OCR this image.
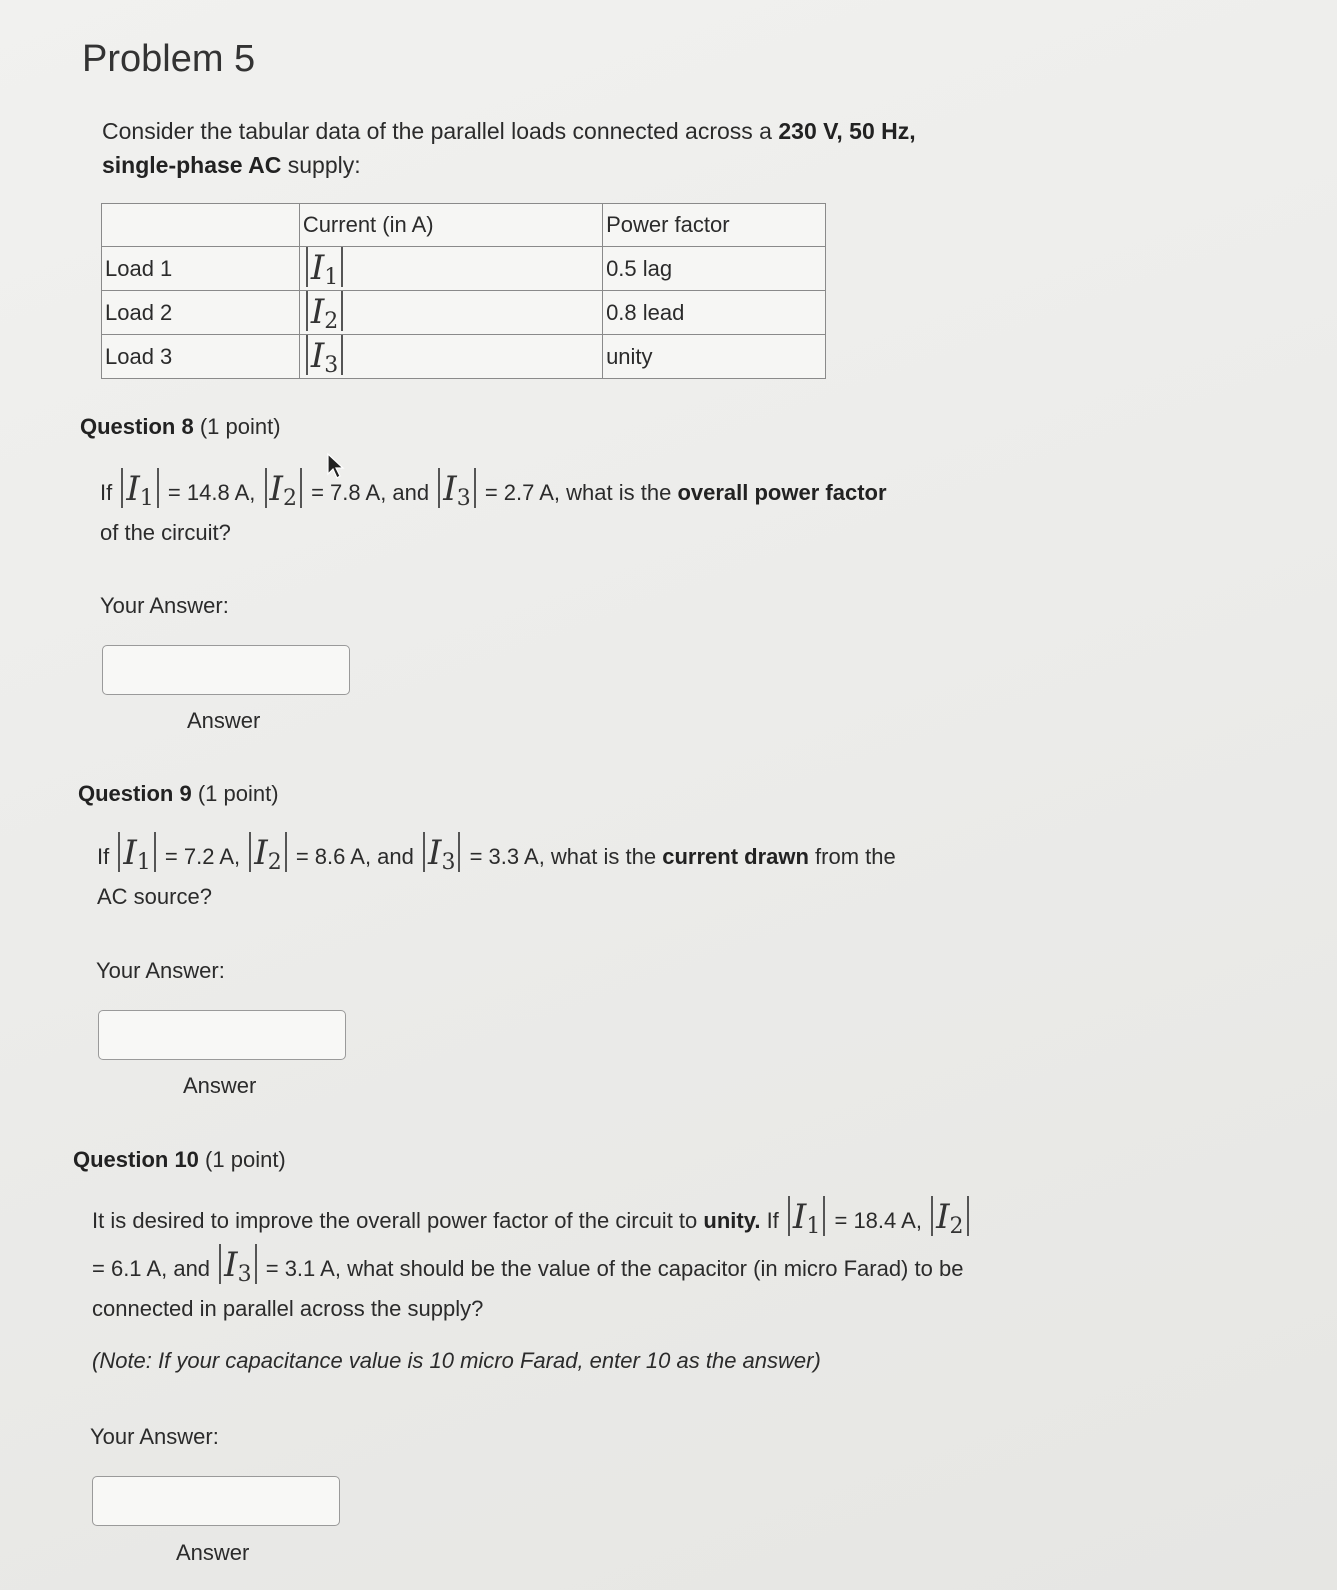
Problem 5
Consider the tabular data of the parallel loads connected across a 230 V, 50 Hz, single-phase AC supply:
	Current (in A)	Power factor
Load 1	$I_1$	0.5 lag
Load 2	$I_2$	0.8 lead
Load 3	$I_3$	unity
Question 8 (1 point)
If $I_1 = 14.8$ A, $I_2 = 7.8$ A, and $I_3 = 2.7$ A, what is the overall power factor
of the circuit?
Your Answer:
Answer
Question 9 (1 point)
If $I_1 = 7.2$ A, $I_2 = 8.6$ A, and $I_3 = 3.3$ A, what is the current drawn from the
AC source?
Your Answer:
Answer
Question 10 (1 point)
It is desired to improve the overall power factor of the circuit to unity. If $I_1 = 18.4$ A, $I_2 = 6.1$ A, and $I_3 = 3.1$ A, what should be the value of the capacitor (in micro Farad) to be connected in parallel across the supply?
(Note: If your capacitance value is 10 micro Farad, enter 10 as the answer)
Your Answer:
Answer
